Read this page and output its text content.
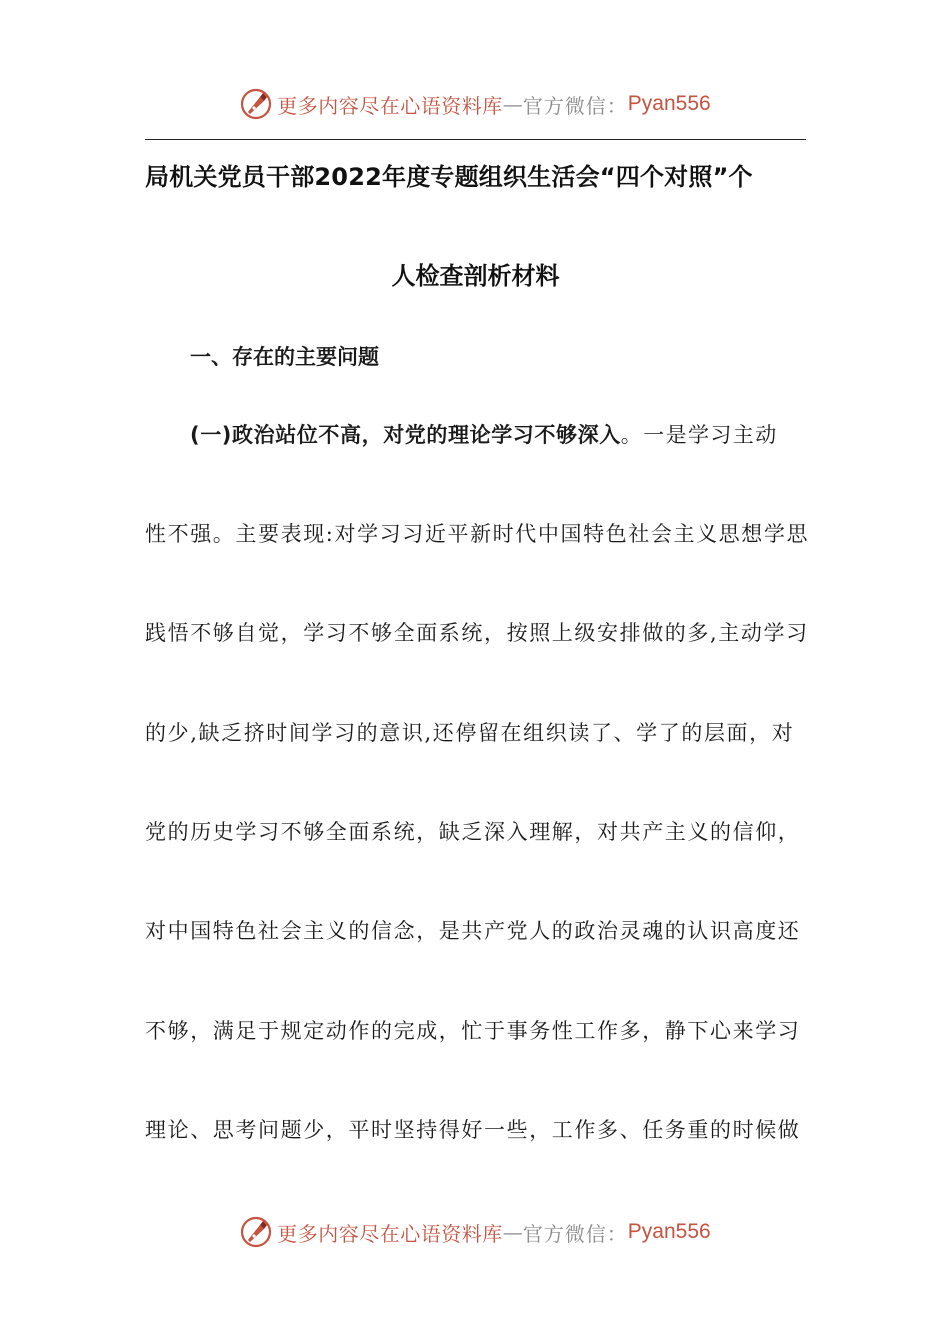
更多内容尽在心语资料库 — 官方微信： Pyan556
局机关党员干部2022年度专题组织生活会“四个对照”个
人检查剖析材料
一、存在的主要问题
(一)政治站位不高，对党的理论学习不够深入。一是学习主动
性不强。主要表现:对学习习近平新时代中国特色社会主义思想学思
践悟不够自觉，学习不够全面系统，按照上级安排做的多,主动学习
的少,缺乏挤时间学习的意识,还停留在组织读了、学了的层面，对
党的历史学习不够全面系统，缺乏深入理解，对共产主义的信仰，
对中国特色社会主义的信念，是共产党人的政治灵魂的认识高度还
不够，满足于规定动作的完成，忙于事务性工作多，静下心来学习
理论、思考问题少，平时坚持得好一些，工作多、任务重的时候做
更多内容尽在心语资料库 — 官方微信： Pyan556
